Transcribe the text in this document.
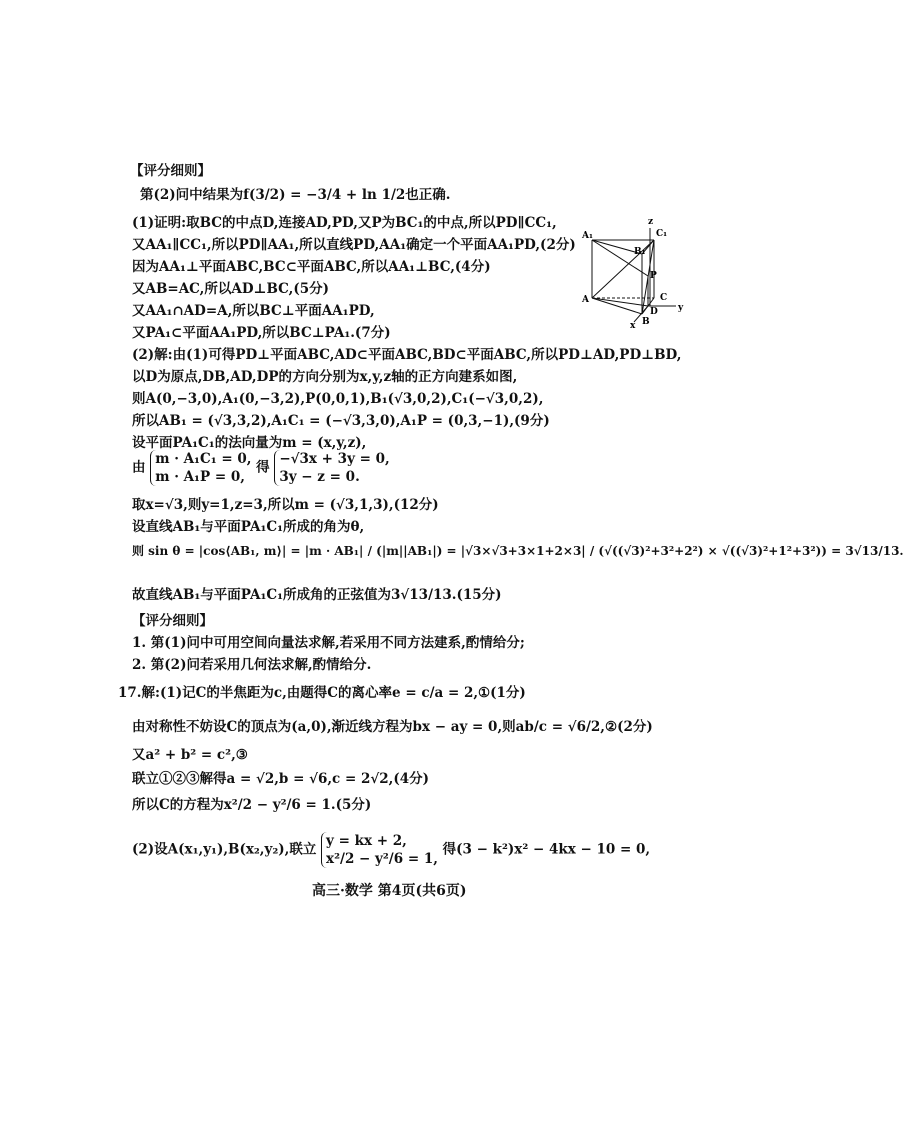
【评分细则】
第(2)问中结果为f(3/2) = −3/4 + ln 1/2也正确.
(1)证明:取BC的中点D,连接AD,PD,又P为BC₁的中点,所以PD∥CC₁,
又AA₁∥CC₁,所以PD∥AA₁,所以直线PD,AA₁确定一个平面AA₁PD,(2分)
因为AA₁⊥平面ABC,BC⊂平面ABC,所以AA₁⊥BC,(4分)
又AB=AC,所以AD⊥BC,(5分)
又AA₁∩AD=A,所以BC⊥平面AA₁PD,
又PA₁⊂平面AA₁PD,所以BC⊥PA₁.(7分)
(2)解:由(1)可得PD⊥平面ABC,AD⊂平面ABC,BD⊂平面ABC,所以PD⊥AD,PD⊥BD,
以D为原点,DB,AD,DP的方向分别为x,y,z轴的正方向建系如图,
则A(0,−3,0),A₁(0,−3,2),P(0,0,1),B₁(√3,0,2),C₁(−√3,0,2),
所以AB₁ = (√3,3,2),A₁C₁ = (−√3,3,0),A₁P = (0,3,−1),(9分)
设平面PA₁C₁的法向量为m = (x,y,z),
由 m · A₁C₁ = 0,
m · A₁P = 0, 得 −√3x + 3y = 0,
3y − z = 0.
取x=√3,则y=1,z=3,所以m = (√3,1,3),(12分)
设直线AB₁与平面PA₁C₁所成的角为θ,
则 sin θ = |cos⟨AB₁, m⟩| = |m · AB₁| / (|m||AB₁|) = |√3×√3+3×1+2×3| / (√((√3)²+3²+2²) × √((√3)²+1²+3²)) = 3√13/13.
故直线AB₁与平面PA₁C₁所成角的正弦值为3√13/13.(15分)
A₁	C₁
B₁
P
A	C
D
B
x
y
z
【评分细则】
1. 第(1)问中可用空间向量法求解,若采用不同方法建系,酌情给分;
2. 第(2)问若采用几何法求解,酌情给分.
17.解:(1)记C的半焦距为c,由题得C的离心率e = c/a = 2,①(1分)
由对称性不妨设C的顶点为(a,0),渐近线方程为bx − ay = 0,则ab/c = √6/2,②(2分)
又a² + b² = c²,③
联立①②③解得a = √2,b = √6,c = 2√2,(4分)
所以C的方程为x²/2 − y²/6 = 1.(5分)
(2)设A(x₁,y₁),B(x₂,y₂),联立 y = kx + 2,
x²/2 − y²/6 = 1, 得(3 − k²)x² − 4kx − 10 = 0,
高三·数学 第4页(共6页)
